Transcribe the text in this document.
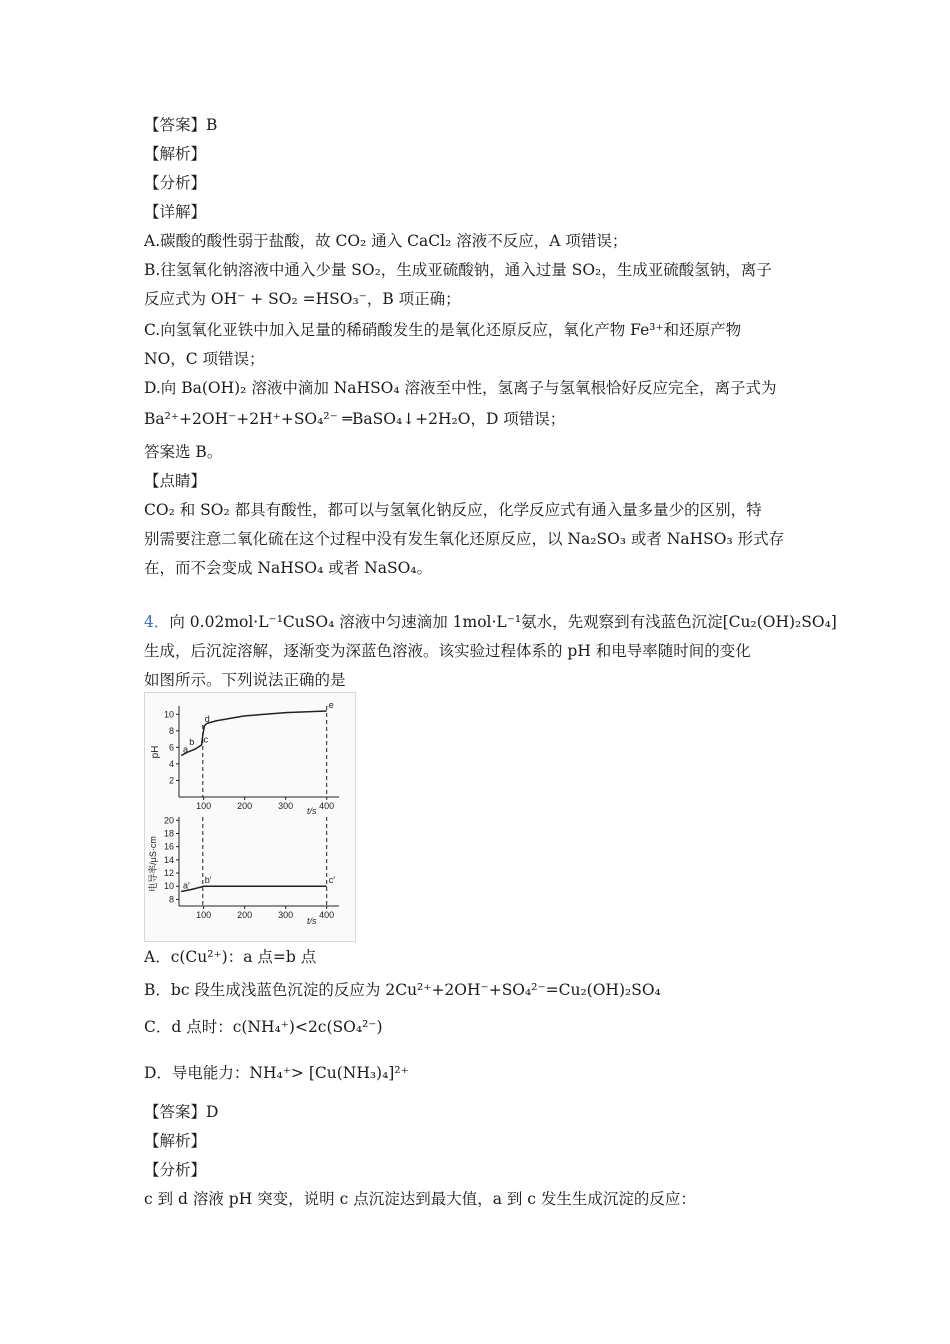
【答案】B
【解析】
【分析】
【详解】
A.碳酸的酸性弱于盐酸，故 CO₂ 通入 CaCl₂ 溶液不反应，A 项错误；
B.往氢氧化钠溶液中通入少量 SO₂，生成亚硫酸钠，通入过量 SO₂，生成亚硫酸氢钠，离子
反应式为 OH⁻ + SO₂ =HSO₃⁻，B 项正确；
C.向氢氧化亚铁中加入足量的稀硝酸发生的是氧化还原反应，氧化产物 Fe³⁺和还原产物
NO，C 项错误；
D.向 Ba(OH)₂ 溶液中滴加 NaHSO₄ 溶液至中性，氢离子与氢氧根恰好反应完全，离子式为
Ba²⁺+2OH⁻+2H⁺+SO₄²⁻ ═BaSO₄↓+2H₂O，D 项错误；
答案选 B。
【点睛】
CO₂ 和 SO₂ 都具有酸性，都可以与氢氧化钠反应，化学反应式有通入量多量少的区别，特
别需要注意二氧化硫在这个过程中没有发生氧化还原反应，以 Na₂SO₃ 或者 NaHSO₃ 形式存
在，而不会变成 NaHSO₄ 或者 NaSO₄。
4．向 0.02mol·L⁻¹CuSO₄ 溶液中匀速滴加 1mol·L⁻¹氨水，先观察到有浅蓝色沉淀[Cu₂(OH)₂SO₄]
生成，后沉淀溶解，逐渐变为深蓝色溶液。该实验过程体系的 pH 和电导率随时间的变化
如图所示。下列说法正确的是
2
4
6
8
10
100	200	300	400
a
b c
d
e
pH
t/s
8
10
12
14
16
18
20
100	200	300	400
a′
b′	c′
电导率/μS·cm
t/s
A．c(Cu²⁺)：a 点=b 点
B．bc 段生成浅蓝色沉淀的反应为 2Cu²⁺+2OH⁻+SO₄²⁻=Cu₂(OH)₂SO₄
C．d 点时：c(NH₄⁺)<2c(SO₄²⁻)
D．导电能力：NH₄⁺> [Cu(NH₃)₄]²⁺
【答案】D
【解析】
【分析】
c 到 d 溶液 pH 突变，说明 c 点沉淀达到最大值，a 到 c 发生生成沉淀的反应：
